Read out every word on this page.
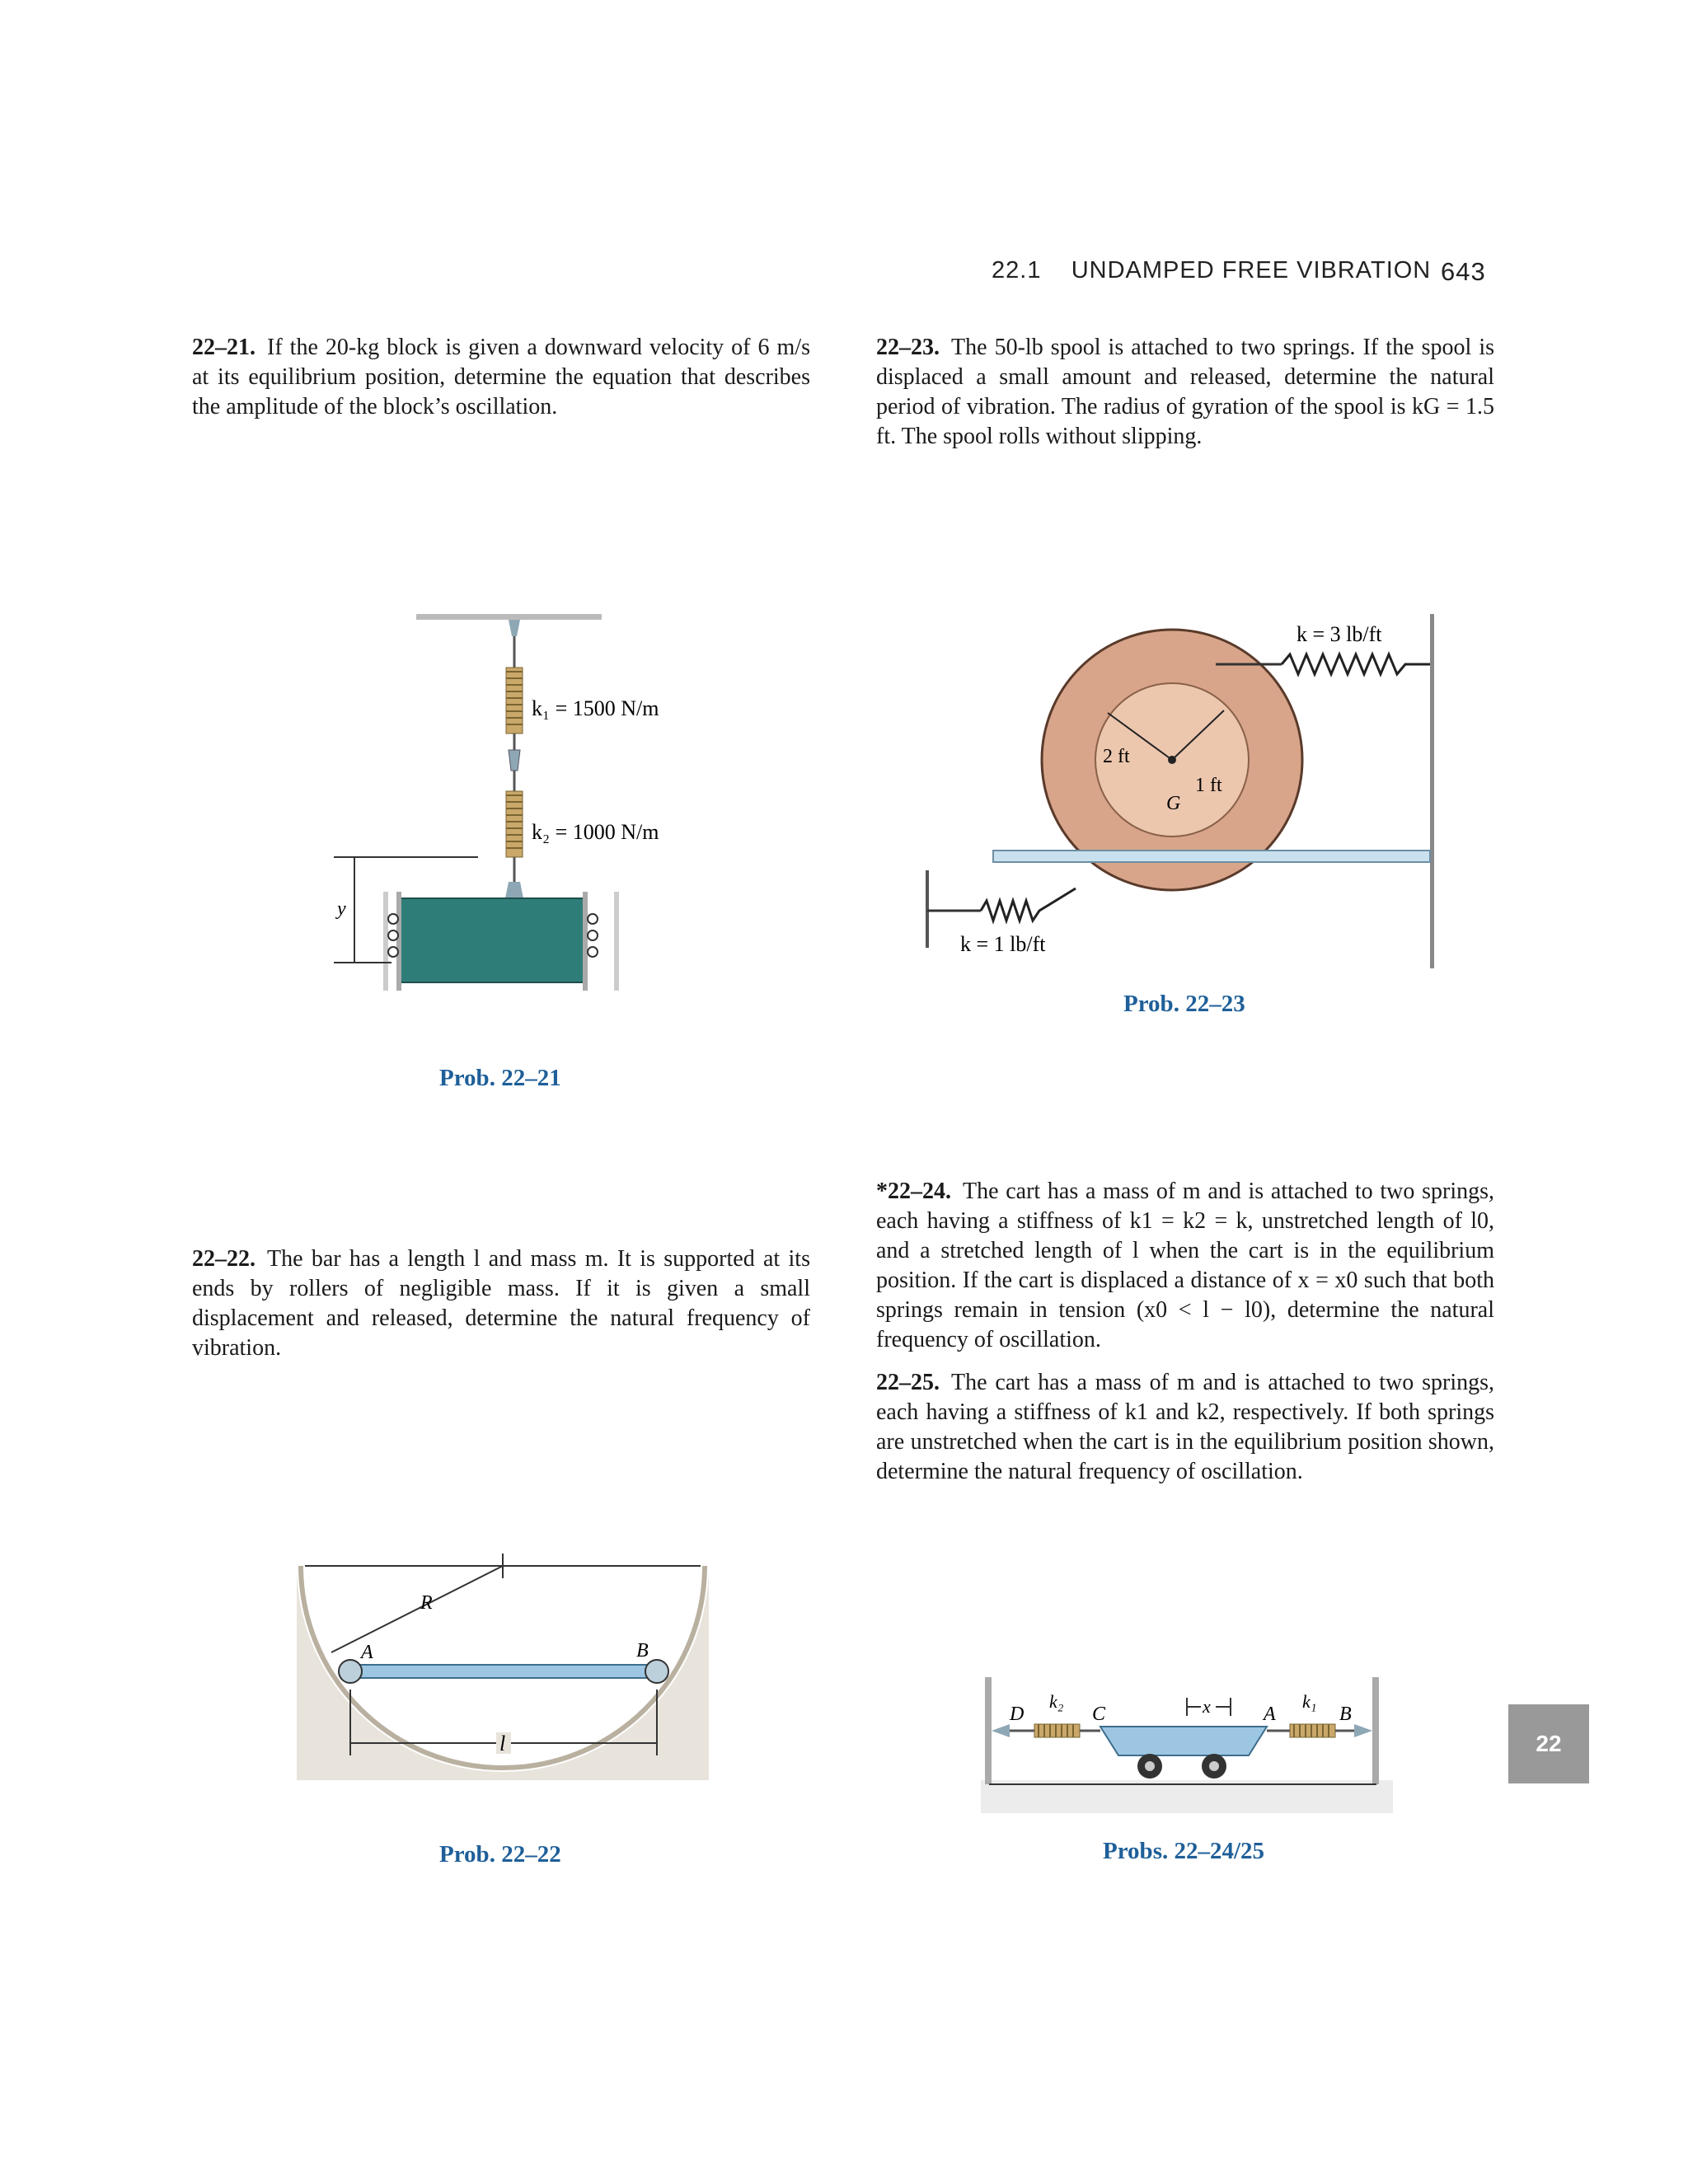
22.1 UNDAMPED FREE VIBRATION 643
22–21. If the 20-kg block is given a downward velocity of 6 m/s at its equilibrium position, determine the equation that describes the amplitude of the block’s oscillation.
22–23. The 50-lb spool is attached to two springs. If the spool is displaced a small amount and released, determine the natural period of vibration. The radius of gyration of the spool is kG = 1.5 ft. The spool rolls without slipping.
22–22. The bar has a length l and mass m. It is supported at its ends by rollers of negligible mass. If it is given a small displacement and released, determine the natural frequency of vibration.
*22–24. The cart has a mass of m and is attached to two springs, each having a stiffness of k1 = k2 = k, unstretched length of l0, and a stretched length of l when the cart is in the equilibrium position. If the cart is displaced a distance of x = x0 such that both springs remain in tension (x0 < l − l0), determine the natural frequency of oscillation.
22–25. The cart has a mass of m and is attached to two springs, each having a stiffness of k1 and k2, respectively. If both springs are unstretched when the cart is in the equilibrium position shown, determine the natural frequency of oscillation.
y
k₁ = 1500 N/m
k₂ = 1000 N/m
Prob. 22–21
2 ft
1 ft
G
k = 3 lb/ft
k = 1 lb/ft
Prob. 22–23
R
A	B
l
Prob. 22–22
D
k₂
C	x	A
k₁
B
Probs. 22–24/25
22
